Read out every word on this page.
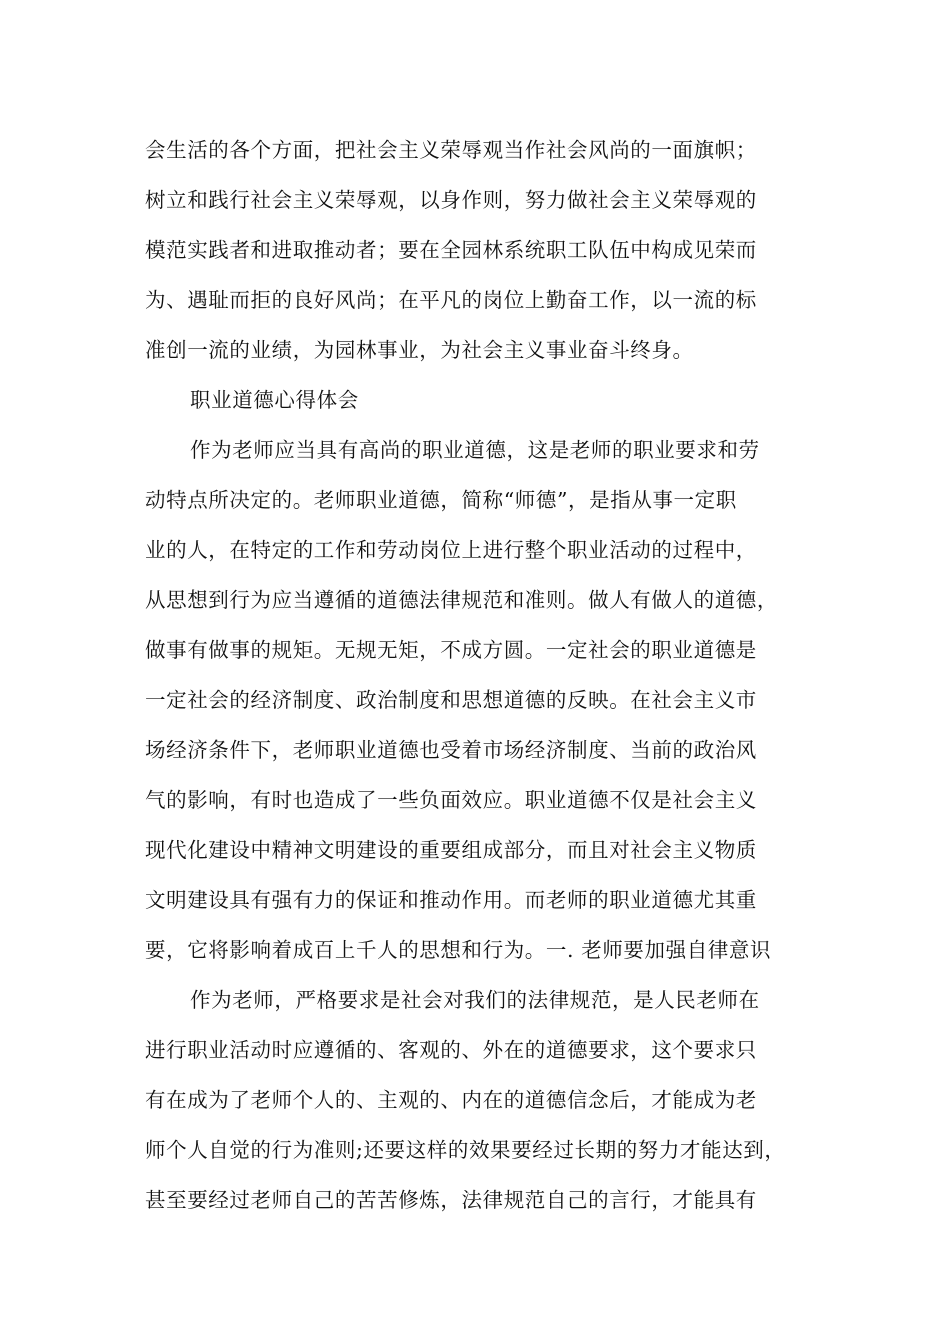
会生活的各个方面，把社会主义荣辱观当作社会风尚的一面旗帜；
树立和践行社会主义荣辱观，以身作则，努力做社会主义荣辱观的
模范实践者和进取推动者；要在全园林系统职工队伍中构成见荣而
为、遇耻而拒的良好风尚；在平凡的岗位上勤奋工作，以一流的标
准创一流的业绩，为园林事业，为社会主义事业奋斗终身。
职业道德心得体会
作为老师应当具有高尚的职业道德，这是老师的职业要求和劳
动特点所决定的。老师职业道德，简称“师德”，是指从事一定职
业的人，在特定的工作和劳动岗位上进行整个职业活动的过程中，
从思想到行为应当遵循的道德法律规范和准则。做人有做人的道德，
做事有做事的规矩。无规无矩，不成方圆。一定社会的职业道德是
一定社会的经济制度、政治制度和思想道德的反映。在社会主义市
场经济条件下，老师职业道德也受着市场经济制度、当前的政治风
气的影响，有时也造成了一些负面效应。职业道德不仅是社会主义
现代化建设中精神文明建设的重要组成部分，而且对社会主义物质
文明建设具有强有力的保证和推动作用。而老师的职业道德尤其重
要，它将影响着成百上千人的思想和行为。一. 老师要加强自律意识
作为老师，严格要求是社会对我们的法律规范，是人民老师在
进行职业活动时应遵循的、客观的、外在的道德要求，这个要求只
有在成为了老师个人的、主观的、内在的道德信念后，才能成为老
师个人自觉的行为准则;还要这样的效果要经过长期的努力才能达到，
甚至要经过老师自己的苦苦修炼，法律规范自己的言行，才能具有
